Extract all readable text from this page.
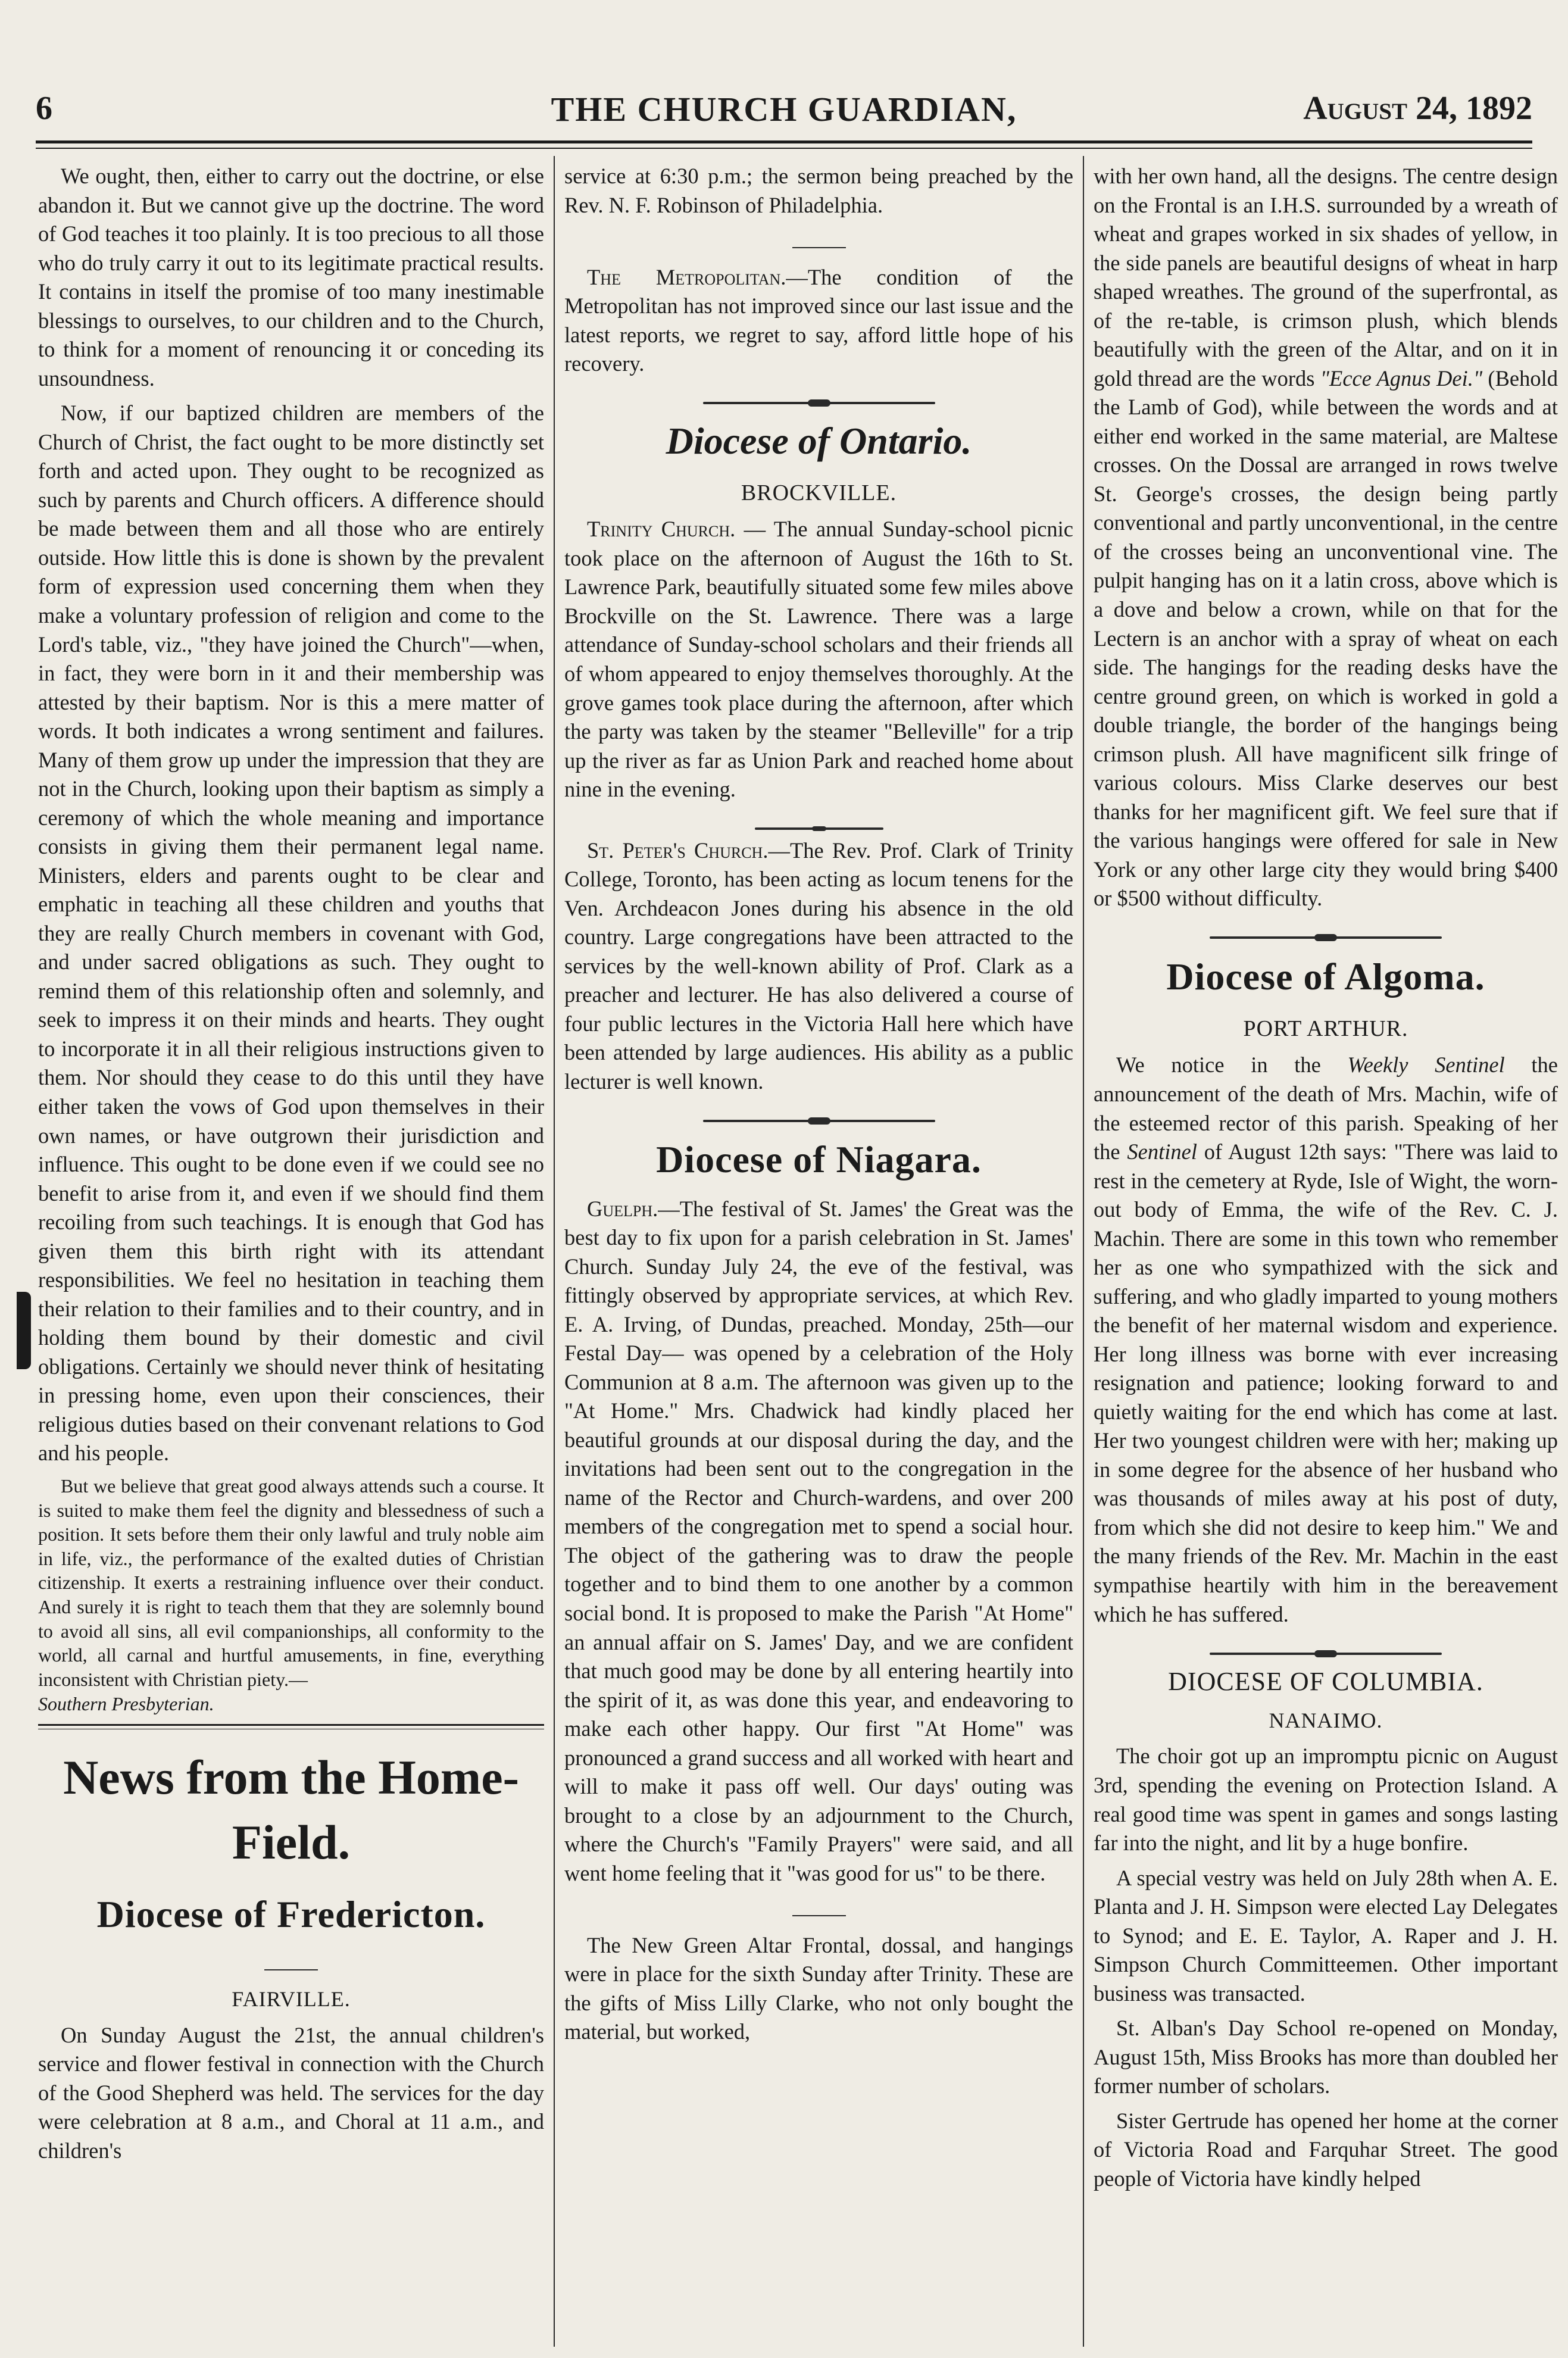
6	THE CHURCH GUARDIAN,	August 24, 1892

We ought, then, either to carry out the doctrine, or else abandon it. But we cannot give up the doctrine. The word of God teaches it too plainly. It is too precious to all those who do truly carry it out to its legitimate practical results. It contains in itself the promise of too many inestimable blessings to ourselves, to our children and to the Church, to think for a moment of renouncing it or conceding its unsoundness.

Now, if our baptized children are members of the Church of Christ, the fact ought to be more distinctly set forth and acted upon. They ought to be recognized as such by parents and Church officers. A difference should be made between them and all those who are entirely outside. How little this is done is shown by the prevalent form of expression used concerning them when they make a voluntary profession of religion and come to the Lord's table, viz., "they have joined the Church"—when, in fact, they were born in it and their membership was attested by their baptism. Nor is this a mere matter of words. It both indicates a wrong sentiment and failures. Many of them grow up under the impression that they are not in the Church, looking upon their baptism as simply a ceremony of which the whole meaning and importance consists in giving them their permanent legal name. Ministers, elders and parents ought to be clear and emphatic in teaching all these children and youths that they are really Church members in covenant with God, and under sacred obligations as such. They ought to remind them of this relationship often and solemnly, and seek to impress it on their minds and hearts. They ought to incorporate it in all their religious instructions given to them. Nor should they cease to do this until they have either taken the vows of God upon themselves in their own names, or have outgrown their jurisdiction and influence. This ought to be done even if we could see no benefit to arise from it, and even if we should find them recoiling from such teachings. It is enough that God has given them this birth right with its attendant responsibilities. We feel no hesitation in teaching them their relation to their families and to their country, and in holding them bound by their domestic and civil obligations. Certainly we should never think of hesitating in pressing home, even upon their consciences, their religious duties based on their convenant relations to God and his people.

But we believe that great good always attends such a course. It is suited to make them feel the dignity and blessedness of such a position. It sets before them their only lawful and truly noble aim in life, viz., the performance of the exalted duties of Christian citizenship. It exerts a restraining influence over their conduct. And surely it is right to teach them that they are solemnly bound to avoid all sins, all evil companionships, all conformity to the world, all carnal and hurtful amusements, in fine, everything inconsistent with Christian piety.—
Southern Presbyterian.

News from the Home-Field.
Diocese of Fredericton.
FAIRVILLE.

On Sunday August the 21st, the annual children's service and flower festival in connection with the Church of the Good Shepherd was held. The services for the day were celebration at 8 a.m., and Choral at 11 a.m., and children's

service at 6:30 p.m.; the sermon being preached by the Rev. N. F. Robinson of Philadelphia.

The Metropolitan.—The condition of the Metropolitan has not improved since our last issue and the latest reports, we regret to say, afford little hope of his recovery.

Diocese of Ontario.
BROCKVILLE.

Trinity Church. — The annual Sunday-school picnic took place on the afternoon of August the 16th to St. Lawrence Park, beautifully situated some few miles above Brockville on the St. Lawrence. There was a large attendance of Sunday-school scholars and their friends all of whom appeared to enjoy themselves thoroughly. At the grove games took place during the afternoon, after which the party was taken by the steamer "Belleville" for a trip up the river as far as Union Park and reached home about nine in the evening.

St. Peter's Church.—The Rev. Prof. Clark of Trinity College, Toronto, has been acting as locum tenens for the Ven. Archdeacon Jones during his absence in the old country. Large congregations have been attracted to the services by the well-known ability of Prof. Clark as a preacher and lecturer. He has also delivered a course of four public lectures in the Victoria Hall here which have been attended by large audiences. His ability as a public lecturer is well known.

Diocese of Niagara.

Guelph.—The festival of St. James' the Great was the best day to fix upon for a parish celebration in St. James' Church. Sunday July 24, the eve of the festival, was fittingly observed by appropriate services, at which Rev. E. A. Irving, of Dundas, preached. Monday, 25th—our Festal Day— was opened by a celebration of the Holy Communion at 8 a.m. The afternoon was given up to the "At Home." Mrs. Chadwick had kindly placed her beautiful grounds at our disposal during the day, and the invitations had been sent out to the congregation in the name of the Rector and Church-wardens, and over 200 members of the congregation met to spend a social hour. The object of the gathering was to draw the people together and to bind them to one another by a common social bond. It is proposed to make the Parish "At Home" an annual affair on S. James' Day, and we are confident that much good may be done by all entering heartily into the spirit of it, as was done this year, and endeavoring to make each other happy. Our first "At Home" was pronounced a grand success and all worked with heart and will to make it pass off well. Our days' outing was brought to a close by an adjournment to the Church, where the Church's "Family Prayers" were said, and all went home feeling that it "was good for us" to be there.

The New Green Altar Frontal, dossal, and hangings were in place for the sixth Sunday after Trinity. These are the gifts of Miss Lilly Clarke, who not only bought the material, but worked,

with her own hand, all the designs. The centre design on the Frontal is an I.H.S. surrounded by a wreath of wheat and grapes worked in six shades of yellow, in the side panels are beautiful designs of wheat in harp shaped wreathes. The ground of the superfrontal, as of the re-table, is crimson plush, which blends beautifully with the green of the Altar, and on it in gold thread are the words "Ecce Agnus Dei." (Behold the Lamb of God), while between the words and at either end worked in the same material, are Maltese crosses. On the Dossal are arranged in rows twelve St. George's crosses, the design being partly conventional and partly unconventional, in the centre of the crosses being an unconventional vine. The pulpit hanging has on it a latin cross, above which is a dove and below a crown, while on that for the Lectern is an anchor with a spray of wheat on each side. The hangings for the reading desks have the centre ground green, on which is worked in gold a double triangle, the border of the hangings being crimson plush. All have magnificent silk fringe of various colours. Miss Clarke deserves our best thanks for her magnificent gift. We feel sure that if the various hangings were offered for sale in New York or any other large city they would bring $400 or $500 without difficulty.

Diocese of Algoma.
PORT ARTHUR.

We notice in the Weekly Sentinel the announcement of the death of Mrs. Machin, wife of the esteemed rector of this parish. Speaking of her the Sentinel of August 12th says: "There was laid to rest in the cemetery at Ryde, Isle of Wight, the worn-out body of Emma, the wife of the Rev. C. J. Machin. There are some in this town who remember her as one who sympathized with the sick and suffering, and who gladly imparted to young mothers the benefit of her maternal wisdom and experience. Her long illness was borne with ever increasing resignation and patience; looking forward to and quietly waiting for the end which has come at last. Her two youngest children were with her; making up in some degree for the absence of her husband who was thousands of miles away at his post of duty, from which she did not desire to keep him." We and the many friends of the Rev. Mr. Machin in the east sympathise heartily with him in the bereavement which he has suffered.

DIOCESE OF COLUMBIA.
NANAIMO.

The choir got up an impromptu picnic on August 3rd, spending the evening on Protection Island. A real good time was spent in games and songs lasting far into the night, and lit by a huge bonfire.

A special vestry was held on July 28th when A. E. Planta and J. H. Simpson were elected Lay Delegates to Synod; and E. E. Taylor, A. Raper and J. H. Simpson Church Committeemen. Other important business was transacted.

St. Alban's Day School re-opened on Monday, August 15th, Miss Brooks has more than doubled her former number of scholars.

Sister Gertrude has opened her home at the corner of Victoria Road and Farquhar Street. The good people of Victoria have kindly helped
